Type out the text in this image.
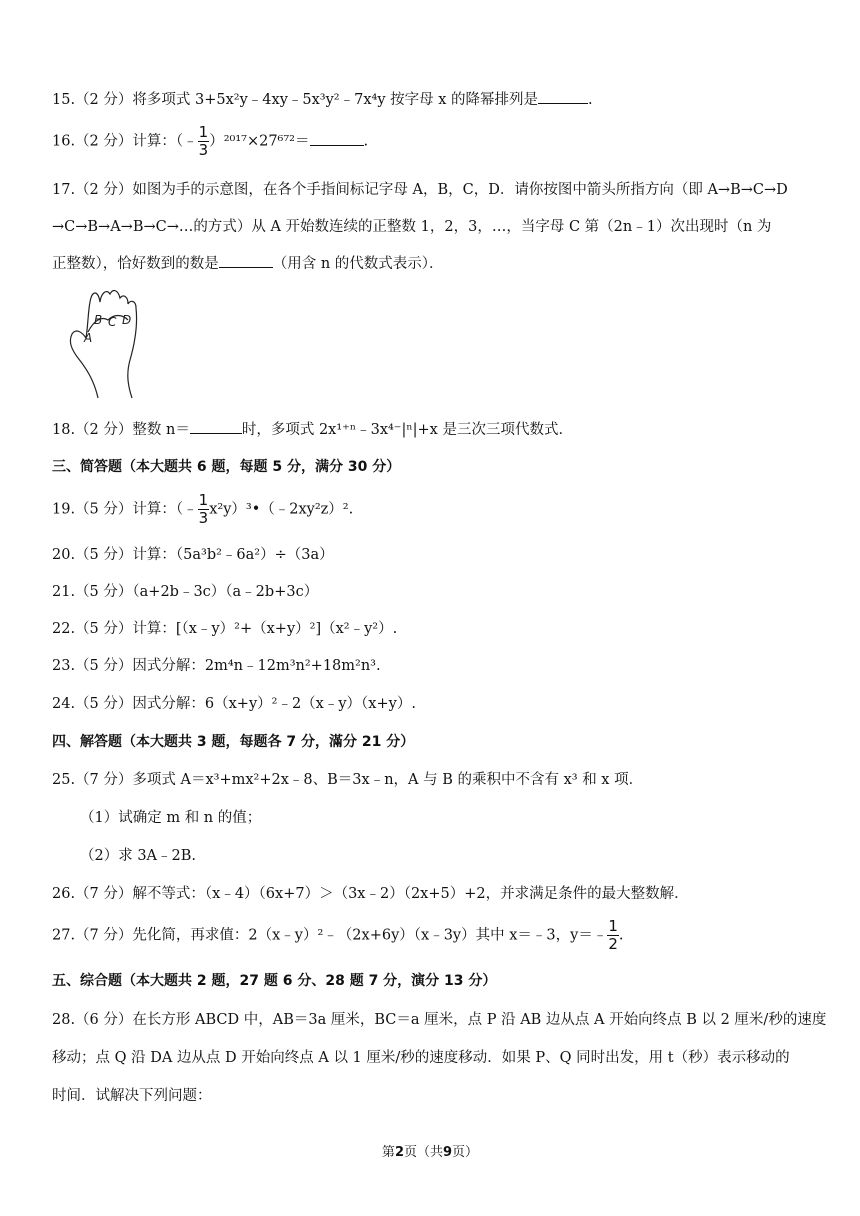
15.（2 分）将多项式 3+5x²y﹣4xy﹣5x³y²﹣7x⁴y 按字母 x 的降幂排列是	.
16.（2 分）计算：（﹣ $\frac{1}{3} )^{2017}\times 27^{672}=$	.
17.（2 分）如图为手的示意图，在各个手指间标记字母 A，B，C，D．请你按图中箭头所指方向（即 A→B→C→D
→C→B→A→B→C→…的方式）从 A 开始数连续的正整数 1，2，3，…，当字母 C 第（2n﹣1）次出现时（n 为
正整数），恰好数到的数是	（用含 n 的代数式表示）．
A
B C D
18.（2 分）整数 n＝	时，多项式 2x¹⁺ⁿ﹣3x⁴⁻|ⁿ|+x 是三次三项代数式．
三、简答题（本大题共 6 题，每题 5 分，满分 30 分）
19.（5 分）计算：（﹣ $\frac{1}{3}$ x²y）³•（﹣2xy²z）².
20.（5 分）计算：（5a³b²﹣6a²）÷（3a）
21.（5 分）（a+2b﹣3c）（a﹣2b+3c）
22.（5 分）计算：[（x﹣y）²+（x+y）²]（x²﹣y²）.
23.（5 分）因式分解：2m⁴n﹣12m³n²+18m²n³.
24.（5 分）因式分解：6（x+y）²﹣2（x﹣y）（x+y）.
四、解答题（本大题共 3 题，每题各 7 分，滿分 21 分）
25.（7 分）多项式 A＝x³+mx²+2x﹣8、B＝3x﹣n，A 与 B 的乘积中不含有 x³ 和 x 项．
（1）试确定 m 和 n 的值；
（2）求 3A﹣2B.
26.（7 分）解不等式：（x﹣4）（6x+7）＞（3x﹣2）（2x+5）+2，并求满足条件的最大整数解．
27.（7 分）先化简，再求值：2（x﹣y）²﹣（2x+6y）（x﹣3y）其中 x＝﹣3，y＝﹣ $\frac{1}{2}$ .
五、综合题（本大题共 2 题，27 题 6 分、28 题 7 分，演分 13 分）
28.（6 分）在长方形 ABCD 中，AB＝3a 厘米，BC＝a 厘米，点 P 沿 AB 边从点 A 开始向终点 B 以 2 厘米/秒的速度
移动；点 Q 沿 DA 边从点 D 开始向终点 A 以 1 厘米/秒的速度移动．如果 P、Q 同时出发，用 t（秒）表示移动的
时间．试解决下列问题：
第2页（共9页）
